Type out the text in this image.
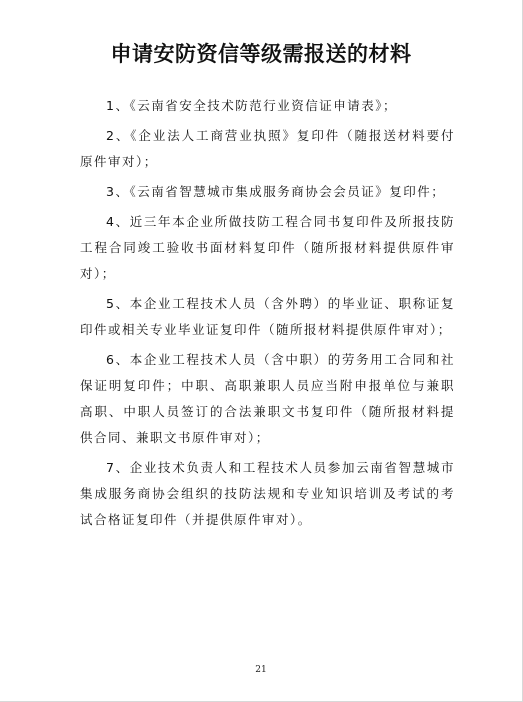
申请安防资信等级需报送的材料

1、《云南省安全技术防范行业资信证申请表》；

2、《企业法人工商营业执照》复印件（随报送材料要付原件审对）；

3、《云南省智慧城市集成服务商协会会员证》复印件；

4、近三年本企业所做技防工程合同书复印件及所报技防工程合同竣工验收书面材料复印件（随所报材料提供原件审对）；

5、本企业工程技术人员（含外聘）的毕业证、职称证复印件或相关专业毕业证复印件（随所报材料提供原件审对）；

6、本企业工程技术人员（含中职）的劳务用工合同和社保证明复印件；中职、高职兼职人员应当附申报单位与兼职高职、中职人员签订的合法兼职文书复印件（随所报材料提供合同、兼职文书原件审对）；

7、企业技术负责人和工程技术人员参加云南省智慧城市集成服务商协会组织的技防法规和专业知识培训及考试的考试合格证复印件（并提供原件审对）。

21
